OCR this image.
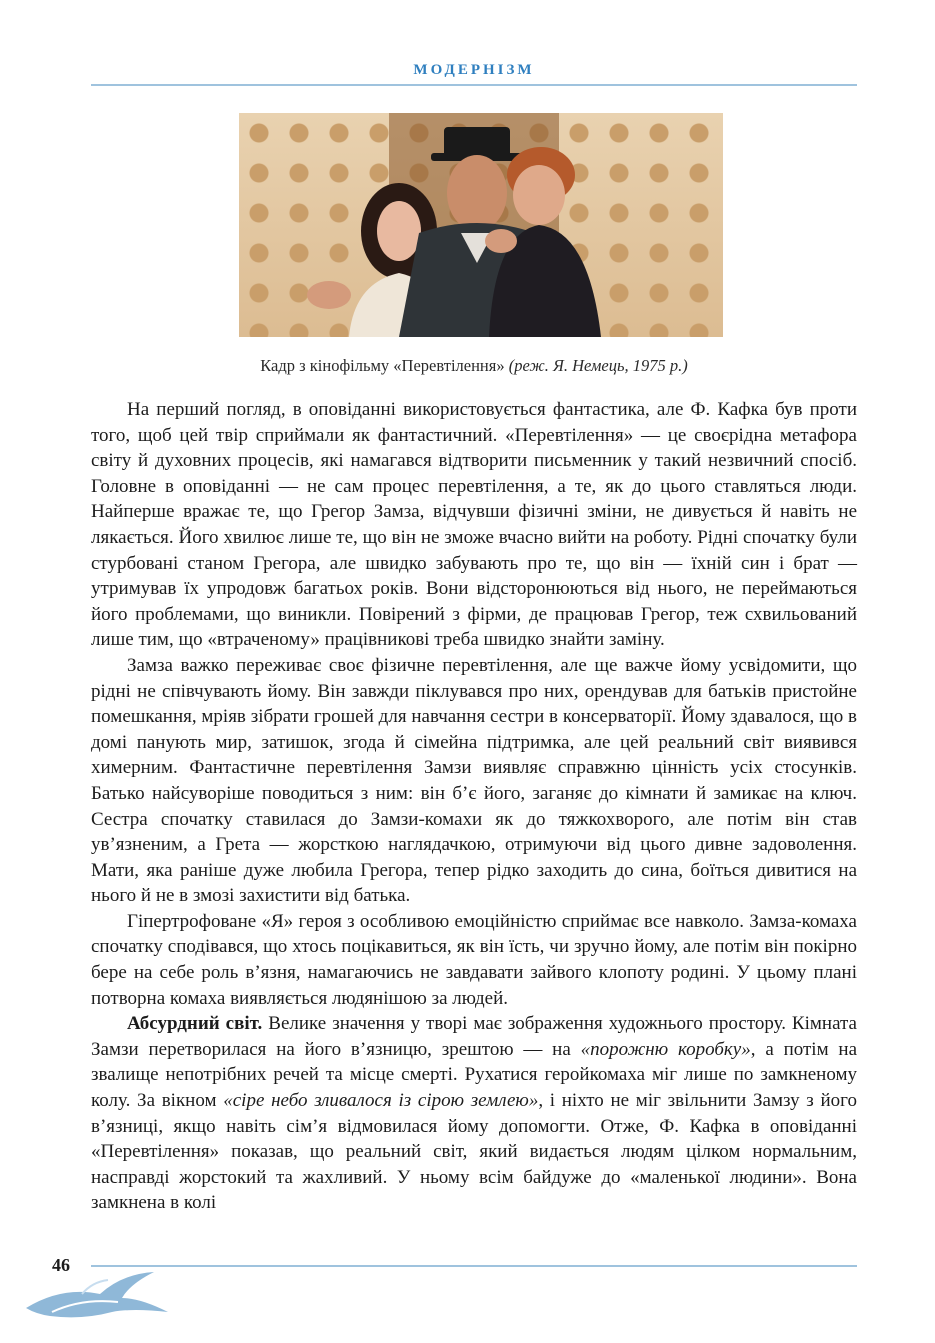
МОДЕРНІЗМ
Кадр з кінофільму «Перевтілення» (реж. Я. Немець, 1975 р.)

На перший погляд, в оповіданні використовується фантастика, але Ф. Кафка був проти того, щоб цей твір сприймали як фантастичний. «Перевтілення» — це своєрідна метафора світу й духовних процесів, які намагався відтворити письменник у такий незвичний спосіб. Головне в оповіданні — не сам процес перевтілення, а те, як до цього ставляться люди. Найперше вражає те, що Грегор Замза, відчувши фізичні зміни, не дивується й навіть не лякається. Його хвилює лише те, що він не зможе вчасно вийти на роботу. Рідні спочатку були стурбовані станом Грегора, але швидко забувають про те, що він — їхній син і брат — утримував їх упродовж багатьох років. Вони відсторонюються від нього, не переймаються його проблемами, що виникли. Повірений з фірми, де працював Грегор, теж схвильований лише тим, що «втраченому» працівникові треба швидко знайти заміну.

Замза важко переживає своє фізичне перевтілення, але ще важче йому усвідомити, що рідні не співчувають йому. Він завжди піклувався про них, орендував для батьків пристойне помешкання, мріяв зібрати грошей для навчання сестри в консерваторії. Йому здавалося, що в домі панують мир, затишок, згода й сімейна підтримка, але цей реальний світ виявився химерним. Фантастичне перевтілення Замзи виявляє справжню цінність усіх стосунків. Батько найсуворіше поводиться з ним: він б’є його, заганяє до кімнати й замикає на ключ. Сестра спочатку ставилася до Замзи-комахи як до тяжкохворого, але потім він став ув’язненим, а Грета — жорсткою наглядачкою, отримуючи від цього дивне задоволення. Мати, яка раніше дуже любила Грегора, тепер рідко заходить до сина, боїться дивитися на нього й не в змозі захистити від батька.

Гіпертрофоване «Я» героя з особливою емоційністю сприймає все навколо. Замза-комаха спочатку сподівався, що хтось поцікавиться, як він їсть, чи зручно йому, але потім він покірно бере на себе роль в’язня, намагаючись не завдавати зайвого клопоту родині. У цьому плані потворна комаха виявляється людянішою за людей.

Абсурдний світ. Велике значення у творі має зображення художнього простору. Кімната Замзи перетворилася на його в’язницю, зрештою — на «порожню коробку», а потім на звалище непотрібних речей та місце смерті. Рухатися геройкомаха міг лише по замкненому колу. За вікном «сіре небо зливалося із сірою землею», і ніхто не міг звільнити Замзу з його в’язниці, якщо навіть сім’я відмовилася йому допомогти. Отже, Ф. Кафка в оповіданні «Перевтілення» показав, що реальний світ, який видається людям цілком нормальним, насправді жорстокий та жахливий. У ньому всім байдуже до «маленької людини». Вона замкнена в колі

46
